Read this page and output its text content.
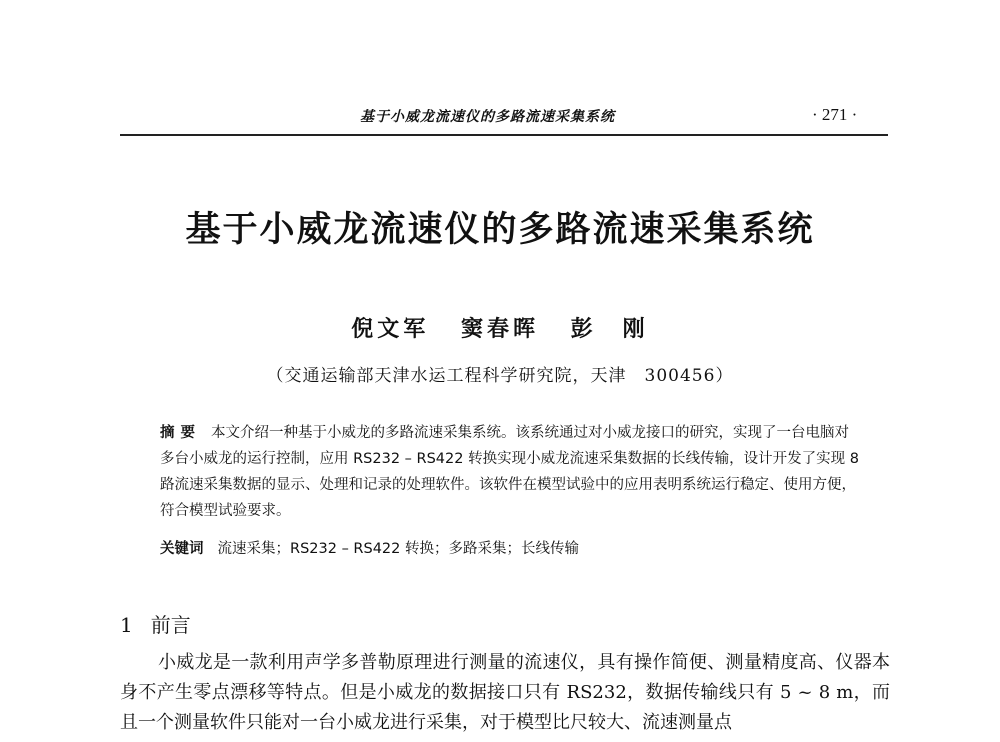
基于小威龙流速仪的多路流速采集系统	· 271 ·
基于小威龙流速仪的多路流速采集系统
倪文军 窦春晖 彭　刚
（交通运输部天津水运工程科学研究院，天津　300456）
摘要 本文介绍一种基于小威龙的多路流速采集系统。该系统通过对小威龙接口的研究，实现了一台电脑对多台小威龙的运行控制，应用 RS232 – RS422 转换实现小威龙流速采集数据的长线传输，设计开发了实现 8 路流速采集数据的显示、处理和记录的处理软件。该软件在模型试验中的应用表明系统运行稳定、使用方便，符合模型试验要求。
关键词 流速采集；RS232 – RS422 转换；多路采集；长线传输
1 前言
小威龙是一款利用声学多普勒原理进行测量的流速仪，具有操作简便、测量精度高、仪器本身不产生零点漂移等特点。但是小威龙的数据接口只有 RS232，数据传输线只有 5 ~ 8 m，而且一个测量软件只能对一台小威龙进行采集，对于模型比尺较大、流速测量点
